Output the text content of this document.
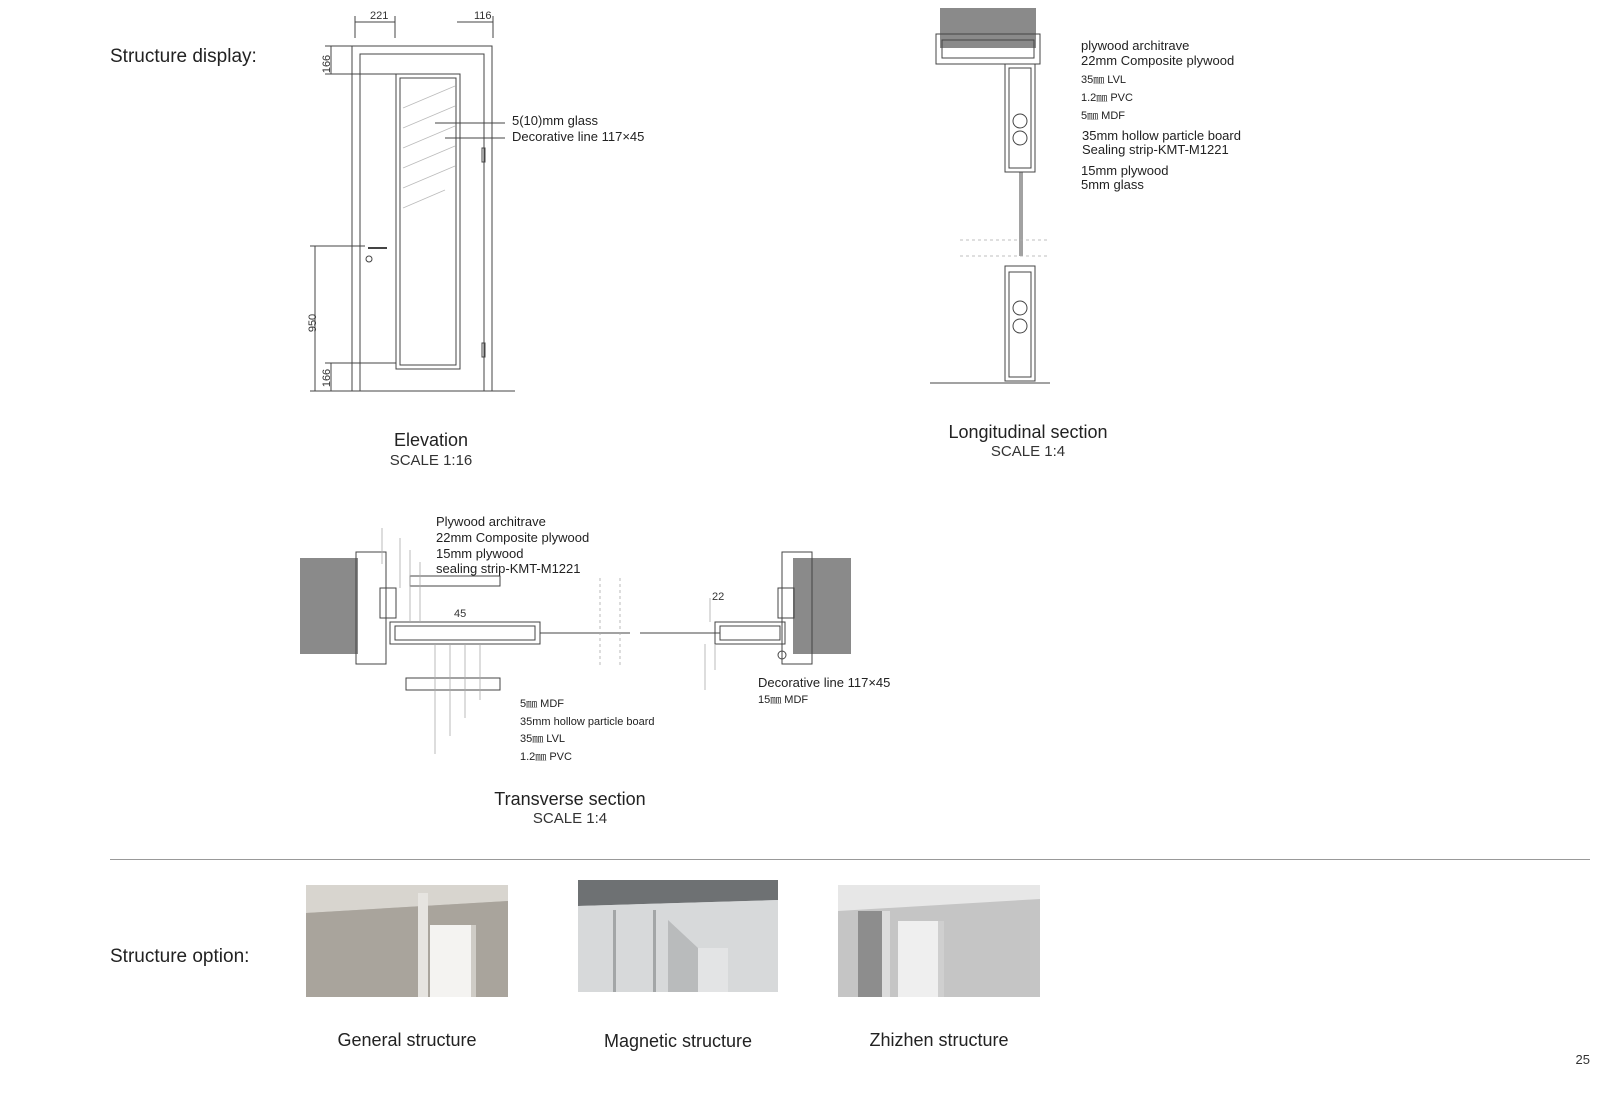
Structure display:
221	116
166
950
166
5(10)mm glass
Decorative line 117×45
Elevation
SCALE 1:16
plywood architrave
22mm Composite plywood
35㎜ LVL
1.2㎜ PVC
5㎜ MDF
35mm hollow particle board
Sealing strip-KMT-M1221
15mm plywood
5mm glass
Longitudinal section
SCALE 1:4
Plywood architrave
22mm Composite plywood
15mm plywood
sealing strip-KMT-M1221
45
22
5㎜ MDF
35mm hollow particle board
35㎜ LVL
1.2㎜ PVC
Decorative line 117×45
15㎜ MDF
Transverse section
SCALE 1:4
Structure option:
General structure	Magnetic structure	Zhizhen structure
25
